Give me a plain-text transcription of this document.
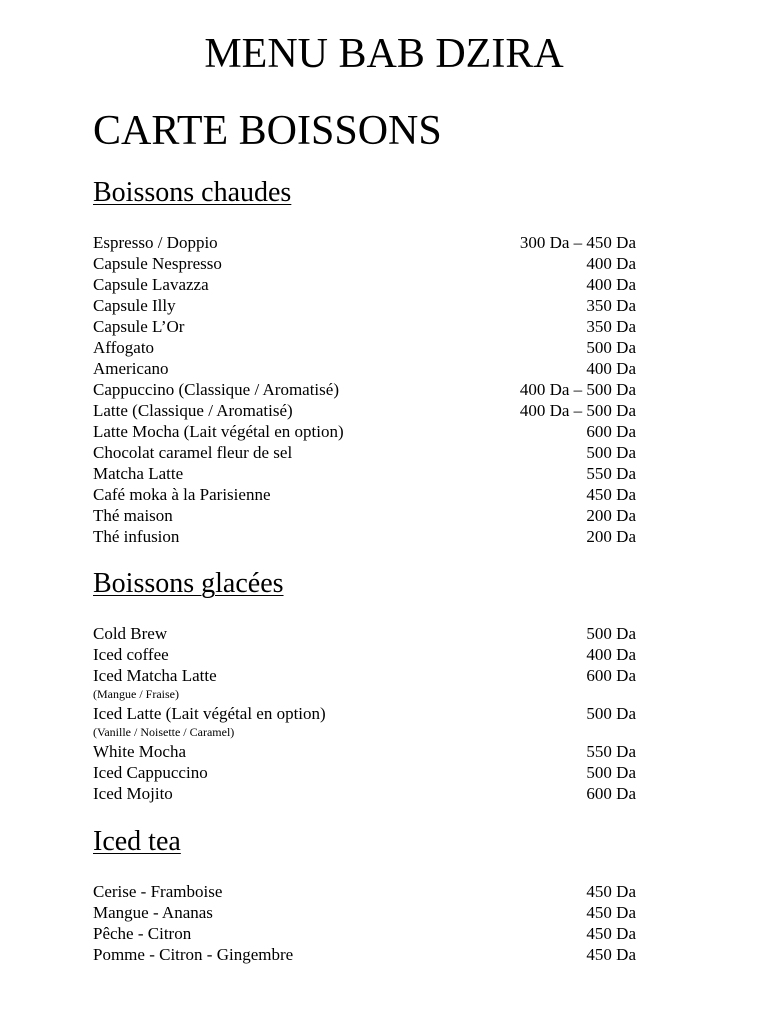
MENU BAB DZIRA
CARTE BOISSONS
Boissons chaudes
Espresso / Doppio	300 Da – 450 Da
Capsule Nespresso	400 Da
Capsule Lavazza	400 Da
Capsule Illy	350 Da
Capsule L’Or	350 Da
Affogato	500 Da
Americano	400 Da
Cappuccino (Classique / Aromatisé)	400 Da – 500 Da
Latte (Classique / Aromatisé)	400 Da – 500 Da
Latte Mocha (Lait végétal en option)	600 Da
Chocolat caramel fleur de sel	500 Da
Matcha Latte	550 Da
Café moka à la Parisienne	450 Da
Thé maison	200 Da
Thé infusion	200 Da
Boissons glacées
Cold Brew	500 Da
Iced coffee	400 Da
Iced Matcha Latte	600 Da
(Mangue / Fraise)
Iced Latte (Lait végétal en option)	500 Da
(Vanille / Noisette / Caramel)
White Mocha	550 Da
Iced Cappuccino	500 Da
Iced Mojito	600 Da
Iced tea
Cerise - Framboise	450 Da
Mangue - Ananas	450 Da
Pêche - Citron	450 Da
Pomme - Citron - Gingembre	450 Da
